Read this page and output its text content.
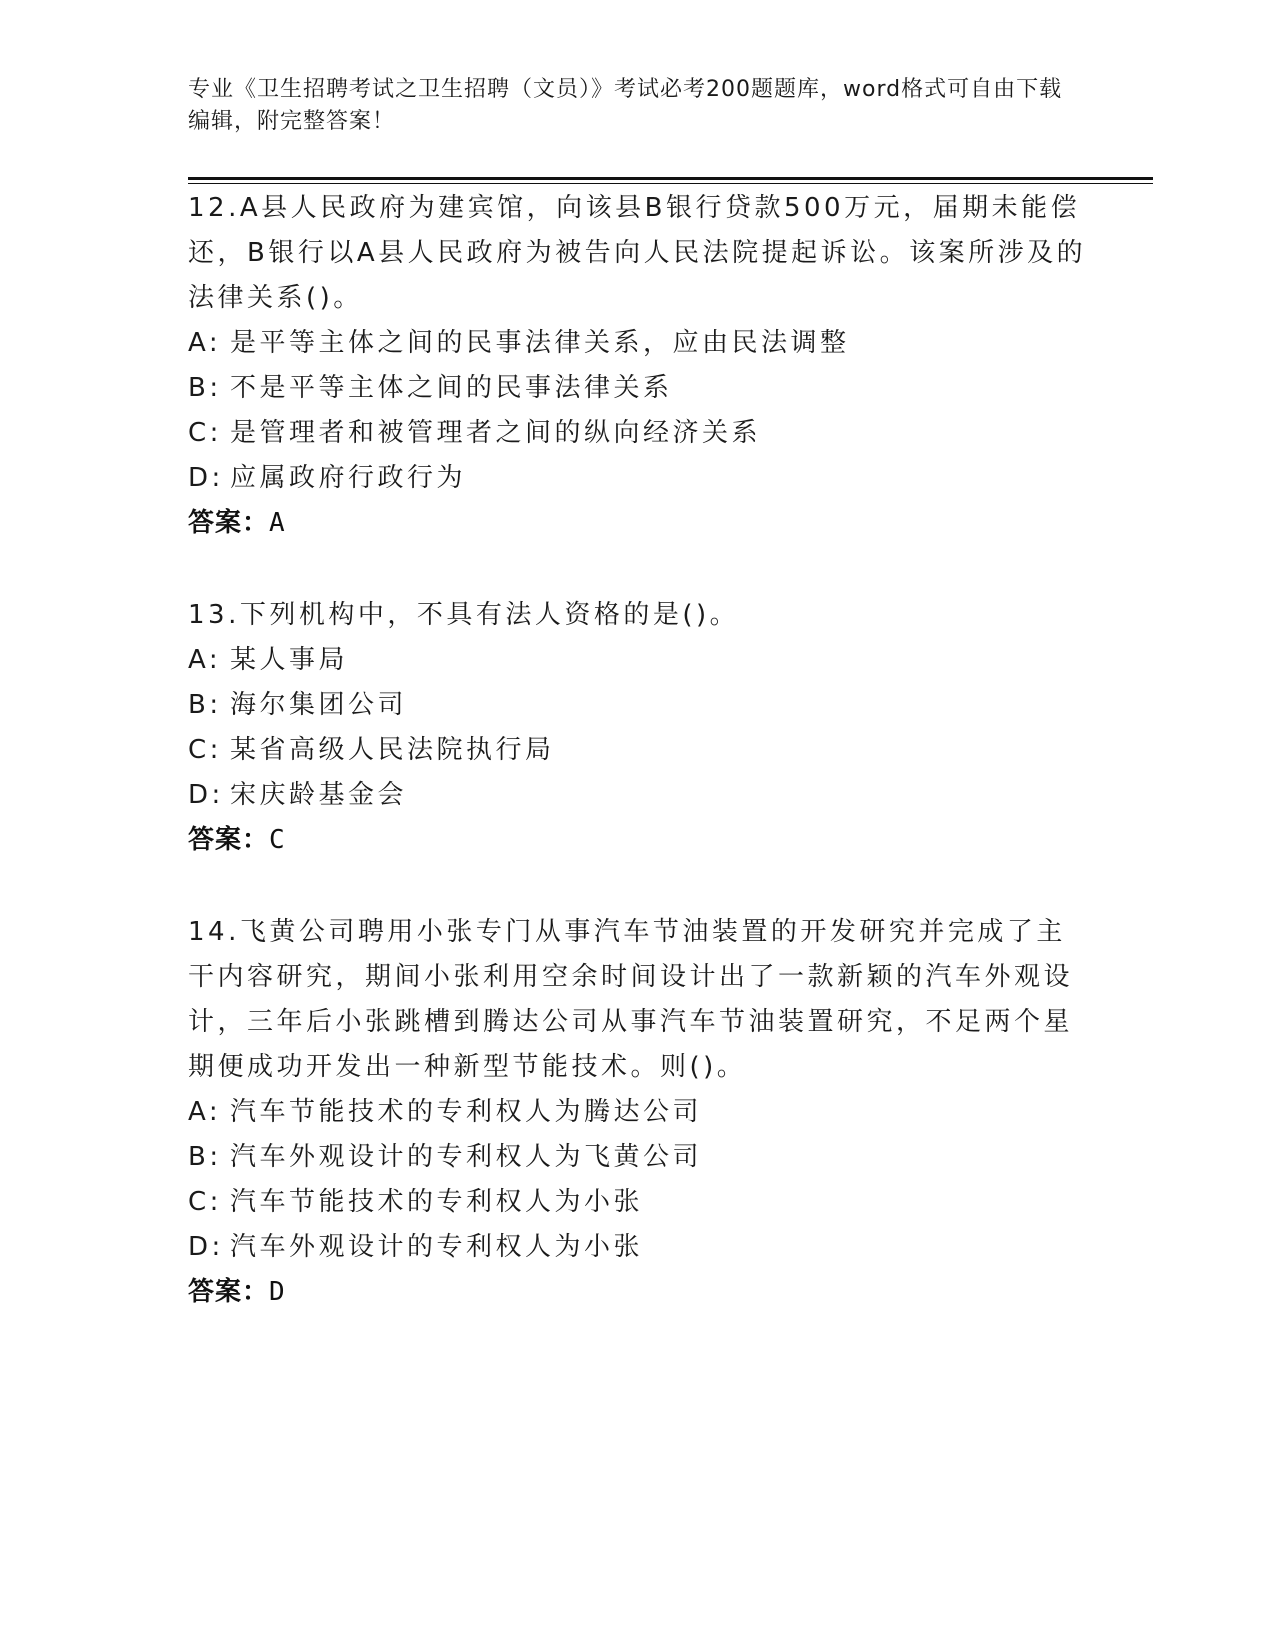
专业《卫生招聘考试之卫生招聘（文员）》考试必考200题题库，word格式可自由下载编辑，附完整答案！
12.A县人民政府为建宾馆，向该县B银行贷款500万元，届期未能偿还，B银行以A县人民政府为被告向人民法院提起诉讼。该案所涉及的法律关系()。
A: 是平等主体之间的民事法律关系，应由民法调整
B: 不是平等主体之间的民事法律关系
C: 是管理者和被管理者之间的纵向经济关系
D: 应属政府行政行为
答案：A
13.下列机构中，不具有法人资格的是()。
A: 某人事局
B: 海尔集团公司
C: 某省高级人民法院执行局
D: 宋庆龄基金会
答案：C
14.飞黄公司聘用小张专门从事汽车节油装置的开发研究并完成了主干内容研究，期间小张利用空余时间设计出了一款新颖的汽车外观设计，三年后小张跳槽到腾达公司从事汽车节油装置研究，不足两个星期便成功开发出一种新型节能技术。则()。
A: 汽车节能技术的专利权人为腾达公司
B: 汽车外观设计的专利权人为飞黄公司
C: 汽车节能技术的专利权人为小张
D: 汽车外观设计的专利权人为小张
答案：D
